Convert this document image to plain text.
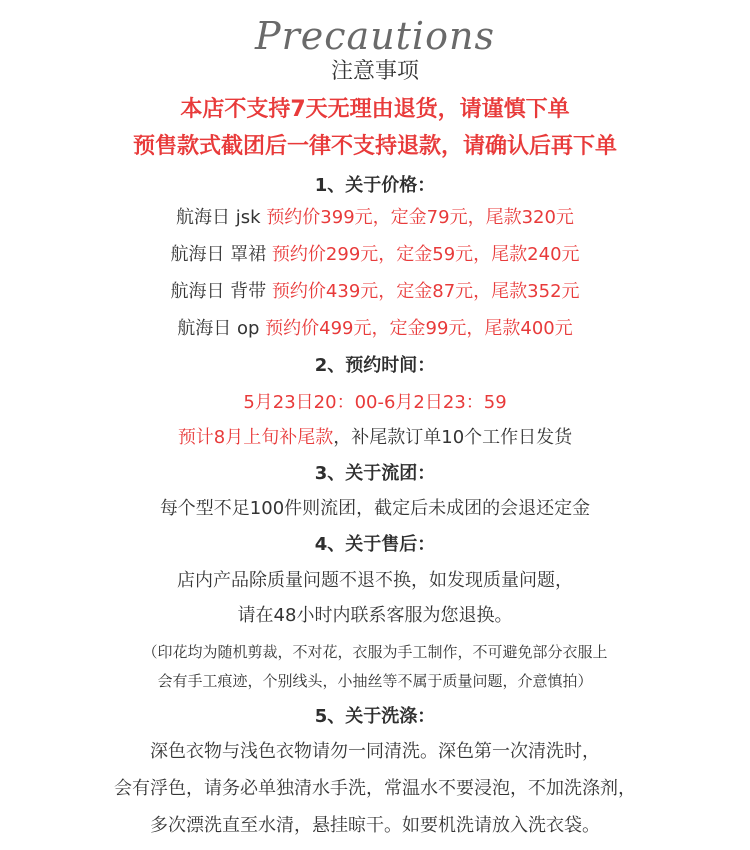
Precautions
注意事项
本店不支持7天无理由退货，请谨慎下单
预售款式截团后一律不支持退款，请确认后再下单
1、关于价格：
航海日 jsk 预约价399元，定金79元，尾款320元
航海日 罩裙 预约价299元，定金59元，尾款240元
航海日 背带 预约价439元，定金87元，尾款352元
航海日 op 预约价499元，定金99元，尾款400元
2、预约时间：
5月23日20：00-6月2日23：59
预计8月上旬补尾款，补尾款订单10个工作日发货
3、关于流团：
每个型不足100件则流团，截定后未成团的会退还定金
4、关于售后：
店内产品除质量问题不退不换，如发现质量问题，
请在48小时内联系客服为您退换。
（印花均为随机剪裁，不对花，衣服为手工制作，不可避免部分衣服上
会有手工痕迹，个别线头，小抽丝等不属于质量问题，介意慎拍）
5、关于洗涤：
深色衣物与浅色衣物请勿一同清洗。深色第一次清洗时，
会有浮色，请务必单独清水手洗，常温水不要浸泡，不加洗涤剂，
多次漂洗直至水清，悬挂晾干。如要机洗请放入洗衣袋。
